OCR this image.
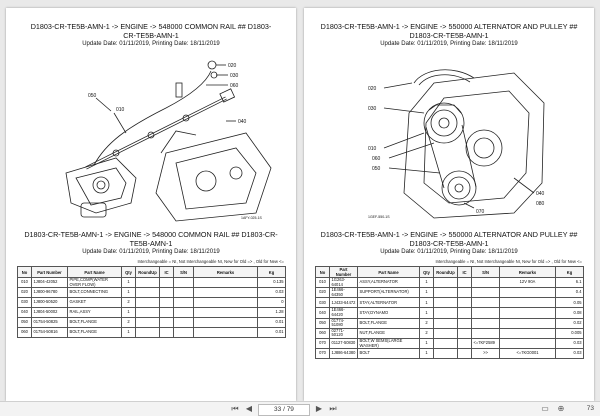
D1803-CR-TE5B-AMN-1 -> ENGINE -> 548000 COMMON RAIL ## D1803-CR-TE5B-AMN-1
Update Date: 01/11/2019, Printing Date: 18/11/2019
020
030
060
040
010
050
1AFY-025-1S
D1803-CR-TE5B-AMN-1 -> ENGINE -> 548000 COMMON RAIL ## D1803-CR-TE5B-AMN-1
Update Date: 01/11/2019, Printing Date: 18/11/2019
Interchangeable = NI, Not Interchangeable NI, New for Old => , Old for New <=
No	Part Number	Part Name	Qty	RoundUp	IC	S/N	Remarks	Kg
010	1J804-42052	PIPE,COMP(WATER OVER FLOW)	1					0.135
020	1J800-96780	BOLT,CONNECTING	1					0.03
030	1J800-50520	GASKET	2					0
040	1J804-50002	RAIL,ASSY	1					1.28
050	01754-50825	BOLT,FLANGE	2					0.01
060	01754-50816	BOLT,FLANGE	1					0.01
D1803-CR-TE5B-AMN-1 -> ENGINE -> 550000 ALTERNATOR AND PULLEY ## D1803-CR-TE5B-AMN-1
Update Date: 01/11/2019, Printing Date: 18/11/2019
020
030
010
060
050
040
070
080
1GEF-550-1S
D1803-CR-TE5B-AMN-1 -> ENGINE -> 550000 ALTERNATOR AND PULLEY ## D1803-CR-TE5B-AMN-1
Update Date: 01/11/2019, Printing Date: 18/11/2019
Interchangeable = NI, Not Interchangeable NI, New for Old => , Old for New <=
No	Part Number	Part Name	Qty	RoundUp	IC	S/N	Remarks	Kg
010	1G263-64014	ASSY,ALTERNATOR	1				12V 90A	6.1
020	1E466-64350	SUPPORT(ALTERNATOR)	1					0.4
030	1J433-64472	STAY,ALTERNATOR	1					0.05
040	1E466-64420	STAY,DYNAMO	1					0.08
050	01774-51080	BOLT,FLANGE	2					0.02
060	02771-50120	NUT,FLANGE	2					0.005
070	01127-50830	BOLT,W SEMS(LARGE WASHER)	1			<=7KF2589		0.03
070	1J886-64380	BOLT	1			>>	<=7KG0001	0.03
⏮ ◀	33 / 79	▶ ⏭	▭ ⊕	73
